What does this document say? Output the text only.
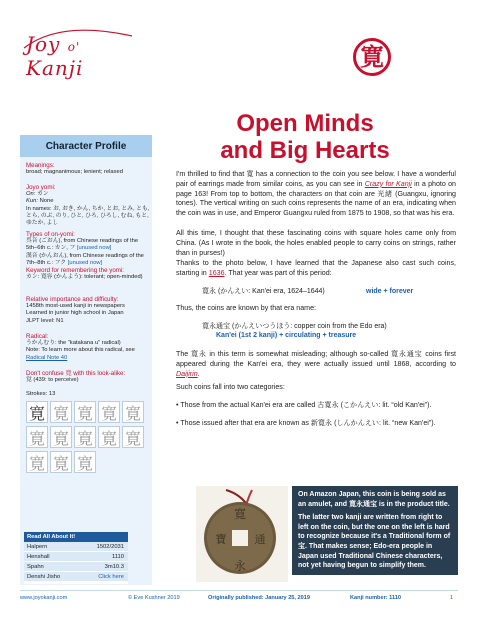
Joy o' Kanji	寛
Open Minds
and Big Hearts
Character Profile
Meanings:
broad; magnanimous; lenient; relaxed
Joyo yomi:
On: カン
Kun: None
In names: お, おき, かん, ちか, とお, とみ, とも, とら, のぶ, のり, ひと, ひろ, ひろし, むね, もと, ゆたか, よし
Types of on-yomi:
呉音 (ごおん), from Chinese readings of the 5th–6th c.: カン, フ [unused now]
漢音 (かんおん), from Chinese readings of the 7th–8th c.: フク [unused now]
Keyword for remembering the yomi:
カン: 寛容 (かんよう): tolerant; open-minded)
Relative importance and difficulty:
1458th most-used kanji in newspapers
Learned in junior high school in Japan
JLPT level: N1
Radical:
うかんむり: the “katakana u” radical)
Note: To learn more about this radical, see
Radical Note 40
Don't confuse 寛 with this look-alike:
覚 (439: to perceive)
Strokes: 13
寛 寛 寛 寛 寛
寛 寛 寛 寛 寛
寛 寛 寛
Read All About It!
Halpern	1502/2031
Henshall	1110
Spahn	3m10.3
Denshi Jisho	Click here
I'm thrilled to find that 寛 has a connection to the coin you see below. I have a wonderful pair of earrings made from similar coins, as you can see in Crazy for Kanji in a photo on page 163! From top to bottom, the characters on that coin are 光緒 (Guangxu, ignoring tones). The vertical writing on such coins represents the name of an era, indicating when the coin was in use, and Emperor Guangxu ruled from 1875 to 1908, so that was his era.
All this time, I thought that these fascinating coins with square holes came only from China. (As I wrote in the book, the holes enabled people to carry coins on strings, rather than in purses!)
Thanks to the photo below, I have learned that the Japanese also cast such coins, starting in 1636. That year was part of this period:
寛永 (かんえい: Kan'ei era, 1624–1644)	wide + forever
Thus, the coins are known by that era name:
寛永通宝 (かんえいつうほう: copper coin from the Edo era)
Kan'ei (1st 2 kanji) + circulating + treasure
The 寛永 in this term is somewhat misleading; although so-called 寛永通宝 coins first appeared during the Kan'ei era, they were actually issued until 1868, according to Daijirin.
Such coins fall into two categories:
• Those from the actual Kan'ei era are called 古寛永 (こかんえい: lit. “old Kan'ei”).
• Those issued after that era are known as 新寛永 (しんかんえい: lit. “new Kan'ei”).
寛
永
寶	通
On Amazon Japan, this coin is being sold as an amulet, and 寛永通宝 is in the product title.
The latter two kanji are written from right to left on the coin, but the one on the left is hard to recognize because it's a Traditional form of 宝. That makes sense; Edo-era people in Japan used Traditional Chinese characters, not yet having begun to simplify them.
www.joyokanji.com	© Eve Kushner 2019	Originally published: January 25, 2019	Kanji number: 1110	1
